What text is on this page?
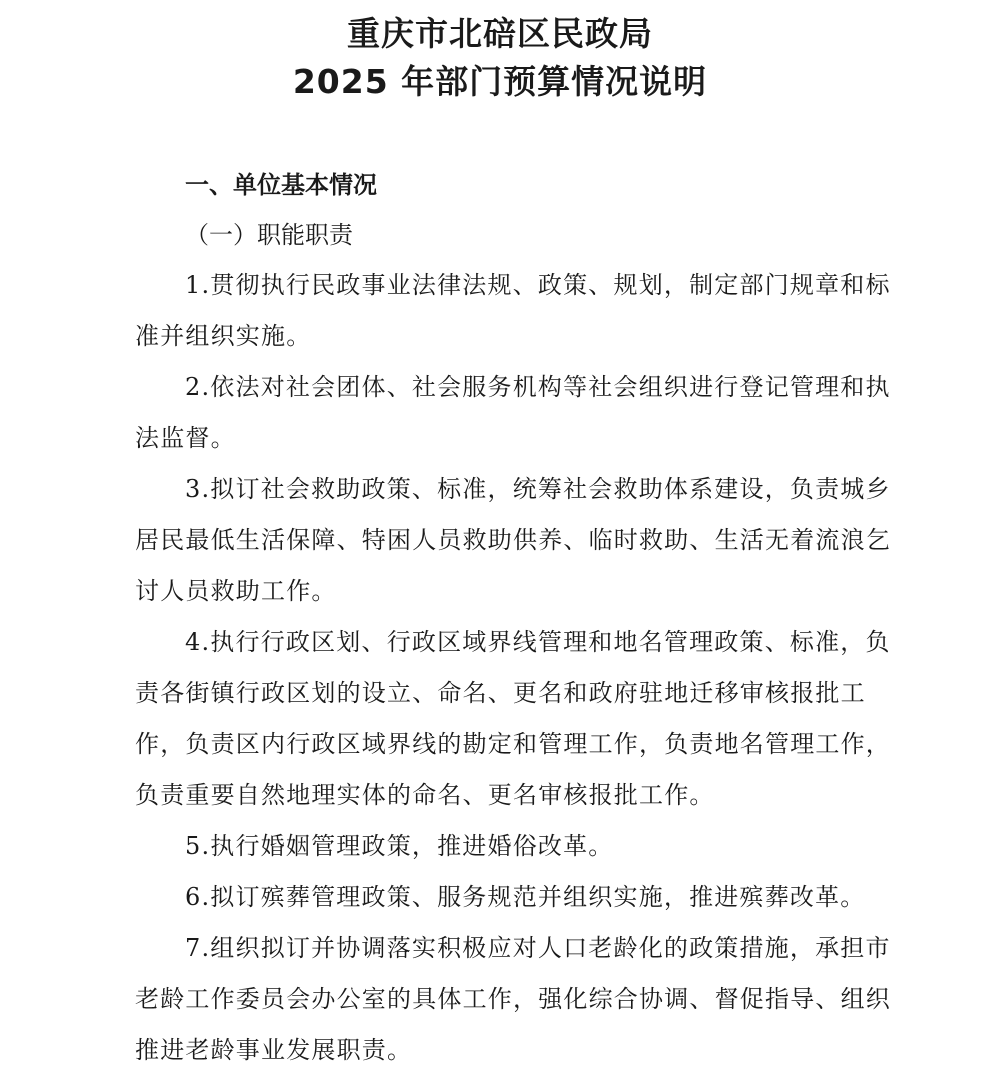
重庆市北碚区民政局
2025 年部门预算情况说明
一、单位基本情况
（一）职能职责

1.贯彻执行民政事业法律法规、政策、规划，制定部门规章和标准并组织实施。

2.依法对社会团体、社会服务机构等社会组织进行登记管理和执法监督。

3.拟订社会救助政策、标准，统筹社会救助体系建设，负责城乡居民最低生活保障、特困人员救助供养、临时救助、生活无着流浪乞讨人员救助工作。

4.执行行政区划、行政区域界线管理和地名管理政策、标准，负责各街镇行政区划的设立、命名、更名和政府驻地迁移审核报批工作，负责区内行政区域界线的勘定和管理工作，负责地名管理工作，负责重要自然地理实体的命名、更名审核报批工作。

5.执行婚姻管理政策，推进婚俗改革。

6.拟订殡葬管理政策、服务规范并组织实施，推进殡葬改革。

7.组织拟订并协调落实积极应对人口老龄化的政策措施，承担市老龄工作委员会办公室的具体工作，强化综合协调、督促指导、组织推进老龄事业发展职责。
